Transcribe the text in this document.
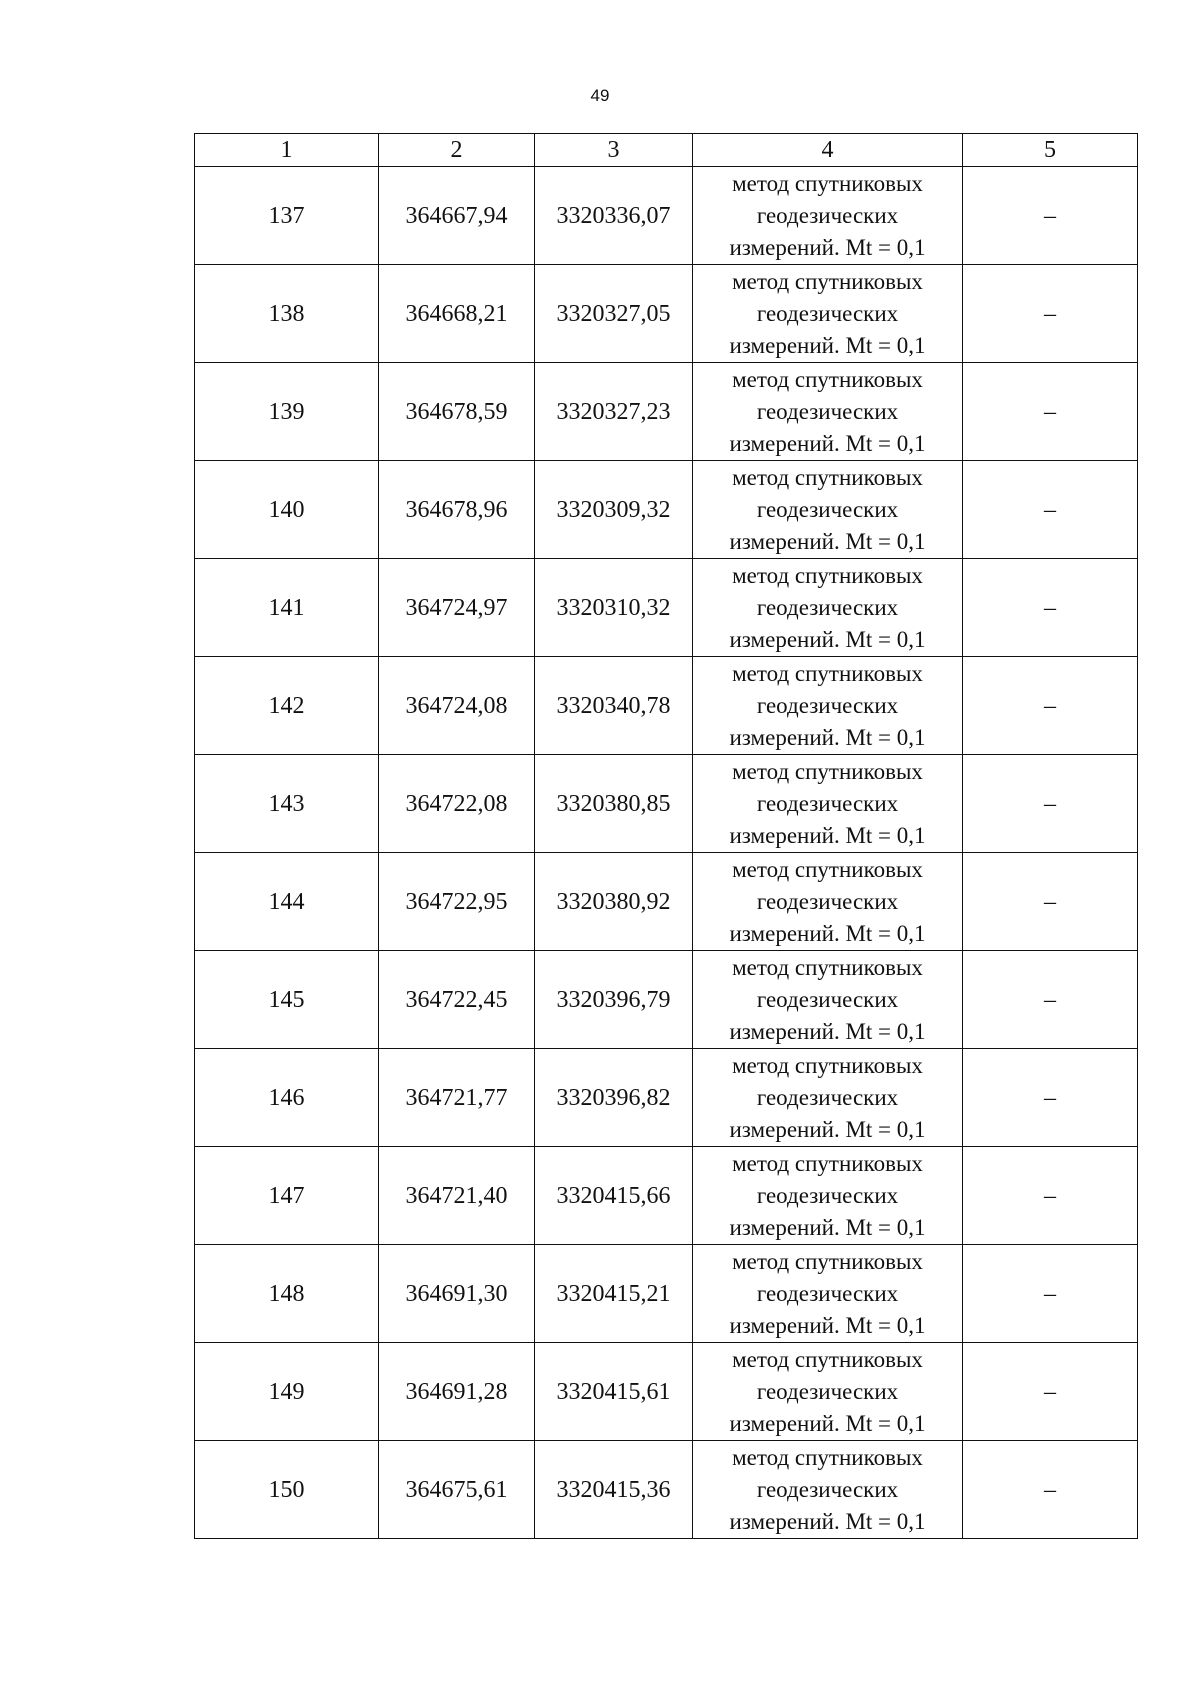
49
1	2	3	4	5
137	364667,94	3320336,07	метод спутниковых
геодезических
измерений. Mt = 0,1	–
138	364668,21	3320327,05	метод спутниковых
геодезических
измерений. Mt = 0,1	–
139	364678,59	3320327,23	метод спутниковых
геодезических
измерений. Mt = 0,1	–
140	364678,96	3320309,32	метод спутниковых
геодезических
измерений. Mt = 0,1	–
141	364724,97	3320310,32	метод спутниковых
геодезических
измерений. Mt = 0,1	–
142	364724,08	3320340,78	метод спутниковых
геодезических
измерений. Mt = 0,1	–
143	364722,08	3320380,85	метод спутниковых
геодезических
измерений. Mt = 0,1	–
144	364722,95	3320380,92	метод спутниковых
геодезических
измерений. Mt = 0,1	–
145	364722,45	3320396,79	метод спутниковых
геодезических
измерений. Mt = 0,1	–
146	364721,77	3320396,82	метод спутниковых
геодезических
измерений. Mt = 0,1	–
147	364721,40	3320415,66	метод спутниковых
геодезических
измерений. Mt = 0,1	–
148	364691,30	3320415,21	метод спутниковых
геодезических
измерений. Mt = 0,1	–
149	364691,28	3320415,61	метод спутниковых
геодезических
измерений. Mt = 0,1	–
150	364675,61	3320415,36	метод спутниковых
геодезических
измерений. Mt = 0,1	–
